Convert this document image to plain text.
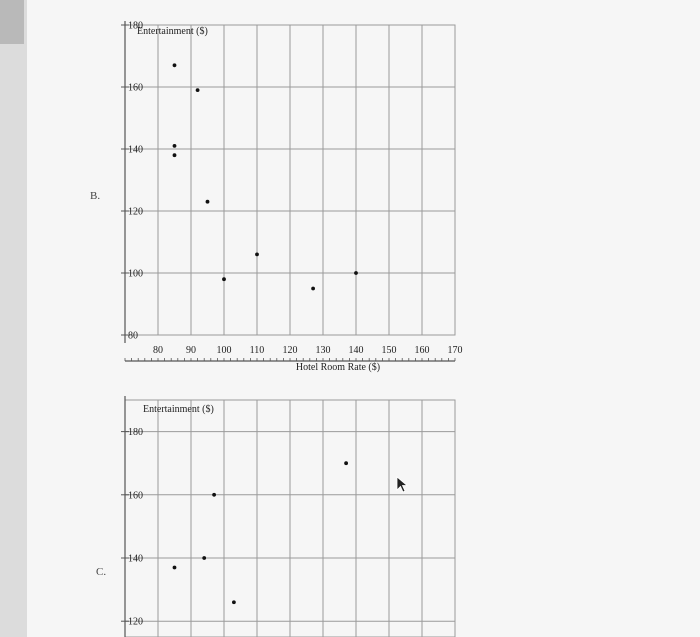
B.
C.
80
100
120
140
160
180
Entertainment ($)
80 90 100 110 120 130 140 150 160 170
Hotel Room Rate ($)
120
140
160
180
Entertainment ($)
